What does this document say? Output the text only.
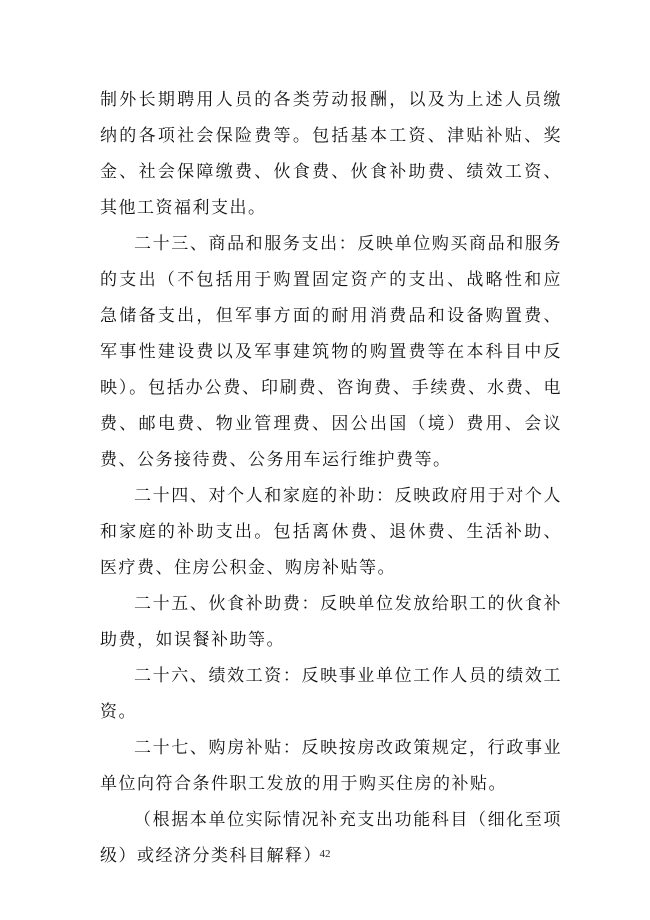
制外长期聘用人员的各类劳动报酬，以及为上述人员缴纳的各项社会保险费等。包括基本工资、津贴补贴、奖金、社会保障缴费、伙食费、伙食补助费、绩效工资、其他工资福利支出。

二十三、商品和服务支出：反映单位购买商品和服务的支出（不包括用于购置固定资产的支出、战略性和应急储备支出，但军事方面的耐用消费品和设备购置费、军事性建设费以及军事建筑物的购置费等在本科目中反映）。包括办公费、印刷费、咨询费、手续费、水费、电费、邮电费、物业管理费、因公出国（境）费用、会议费、公务接待费、公务用车运行维护费等。

二十四、对个人和家庭的补助：反映政府用于对个人和家庭的补助支出。包括离休费、退休费、生活补助、医疗费、住房公积金、购房补贴等。

二十五、伙食补助费：反映单位发放给职工的伙食补助费，如误餐补助等。

二十六、绩效工资：反映事业单位工作人员的绩效工资。

二十七、购房补贴：反映按房改政策规定，行政事业单位向符合条件职工发放的用于购买住房的补贴。

（根据本单位实际情况补充支出功能科目（细化至项级）或经济分类科目解释）

42
